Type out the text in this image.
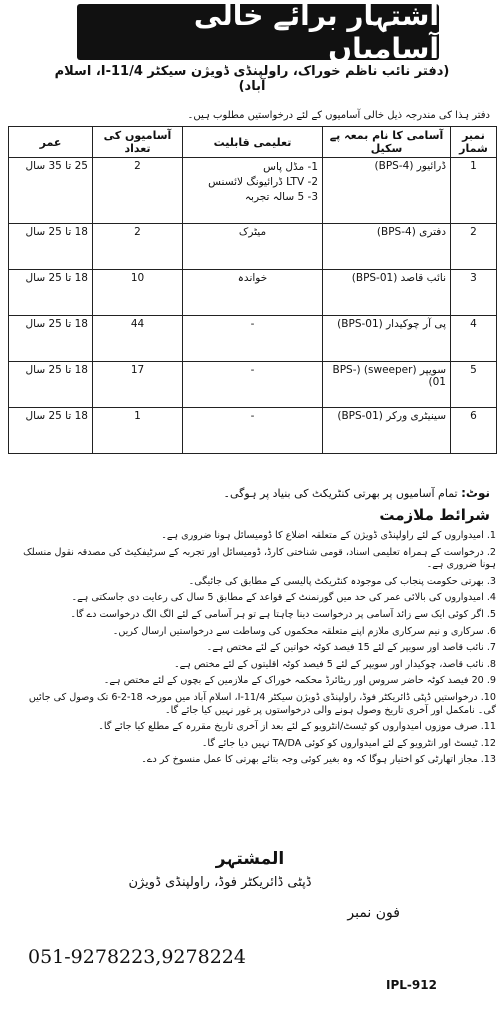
اشتہار برائے خالی آسامیاں
(دفتر نائب ناظم خوراک، راولپنڈی ڈویژن سیکٹر I-11/4، اسلام آباد)
دفتر ہذا کی مندرجہ ذیل خالی آسامیوں کے لئے درخواستیں مطلوب ہیں۔
نمبر شمار	آسامی کا نام بمعہ پے سکیل	تعلیمی قابلیت	آسامیوں کی تعداد	عمر
1	ڈرائیور (BPS-4)	1- مڈل پاس
2- LTV ڈرائیونگ لائسنس
3- 5 سالہ تجربہ	2	25 تا 35 سال
2	دفتری (BPS-4)	میٹرک	2	18 تا 25 سال
3	نائب قاصد (BPS-01)	خواندہ	10	18 تا 25 سال
4	پی آر چوکیدار (BPS-01)	-	44	18 تا 25 سال
5	سویپر (sweeper) (BPS-01)	-	17	18 تا 25 سال
6	سینیٹری ورکر (BPS-01)	-	1	18 تا 25 سال
نوٹ: تمام آسامیوں پر بھرتی کنٹریکٹ کی بنیاد پر ہوگی۔
شرائط ملازمت
1. امیدواروں کے لئے راولپنڈی ڈویژن کے متعلقہ اضلاع کا ڈومیسائل ہونا ضروری ہے۔
2. درخواست کے ہمراہ تعلیمی اسناد، قومی شناختی کارڈ، ڈومیسائل اور تجربہ کے سرٹیفکیٹ کی مصدقہ نقول منسلک ہونا ضروری ہے۔
3. بھرتی حکومت پنجاب کی موجودہ کنٹریکٹ پالیسی کے مطابق کی جائیگی۔
4. امیدواروں کی بالائی عمر کی حد میں گورنمنٹ کے قواعد کے مطابق 5 سال کی رعایت دی جاسکتی ہے۔
5. اگر کوئی ایک سے زائد آسامی پر درخواست دینا چاہتا ہے تو ہر آسامی کے لئے الگ الگ درخواست دے گا۔
6. سرکاری و نیم سرکاری ملازم اپنے متعلقہ محکموں کی وساطت سے درخواستیں ارسال کریں۔
7. نائب قاصد اور سویپر کے لئے 15 فیصد کوٹہ خواتین کے لئے مختص ہے۔
8. نائب قاصد، چوکیدار اور سویپر کے لئے 5 فیصد کوٹہ اقلیتوں کے لئے مختص ہے۔
9. 20 فیصد کوٹہ حاضر سروس اور ریٹائرڈ محکمہ خوراک کے ملازمین کے بچوں کے لئے مختص ہے۔
10. درخواستیں ڈپٹی ڈائریکٹر فوڈ، راولپنڈی ڈویژن سیکٹر I-11/4، اسلام آباد میں مورخہ 18-2-6 تک وصول کی جائیں گی۔ نامکمل اور آخری تاریخ وصول ہونے والی درخواستوں پر غور نہیں کیا جائے گا۔
11. صرف موزوں امیدواروں کو ٹیسٹ/انٹرویو کے لئے بعد از آخری تاریخ مقررہ کے مطلع کیا جائے گا۔
12. ٹیسٹ اور انٹرویو کے لئے امیدواروں کو کوئی TA/DA نہیں دیا جائے گا۔
13. مجاز اتھارٹی کو اختیار ہوگا کہ وہ بغیر کوئی وجہ بتائے بھرتی کا عمل منسوخ کر دے۔
المشتہر
ڈپٹی ڈائریکٹر فوڈ، راولپنڈی ڈویژن
فون نمبر
051-9278223,9278224
IPL-912
